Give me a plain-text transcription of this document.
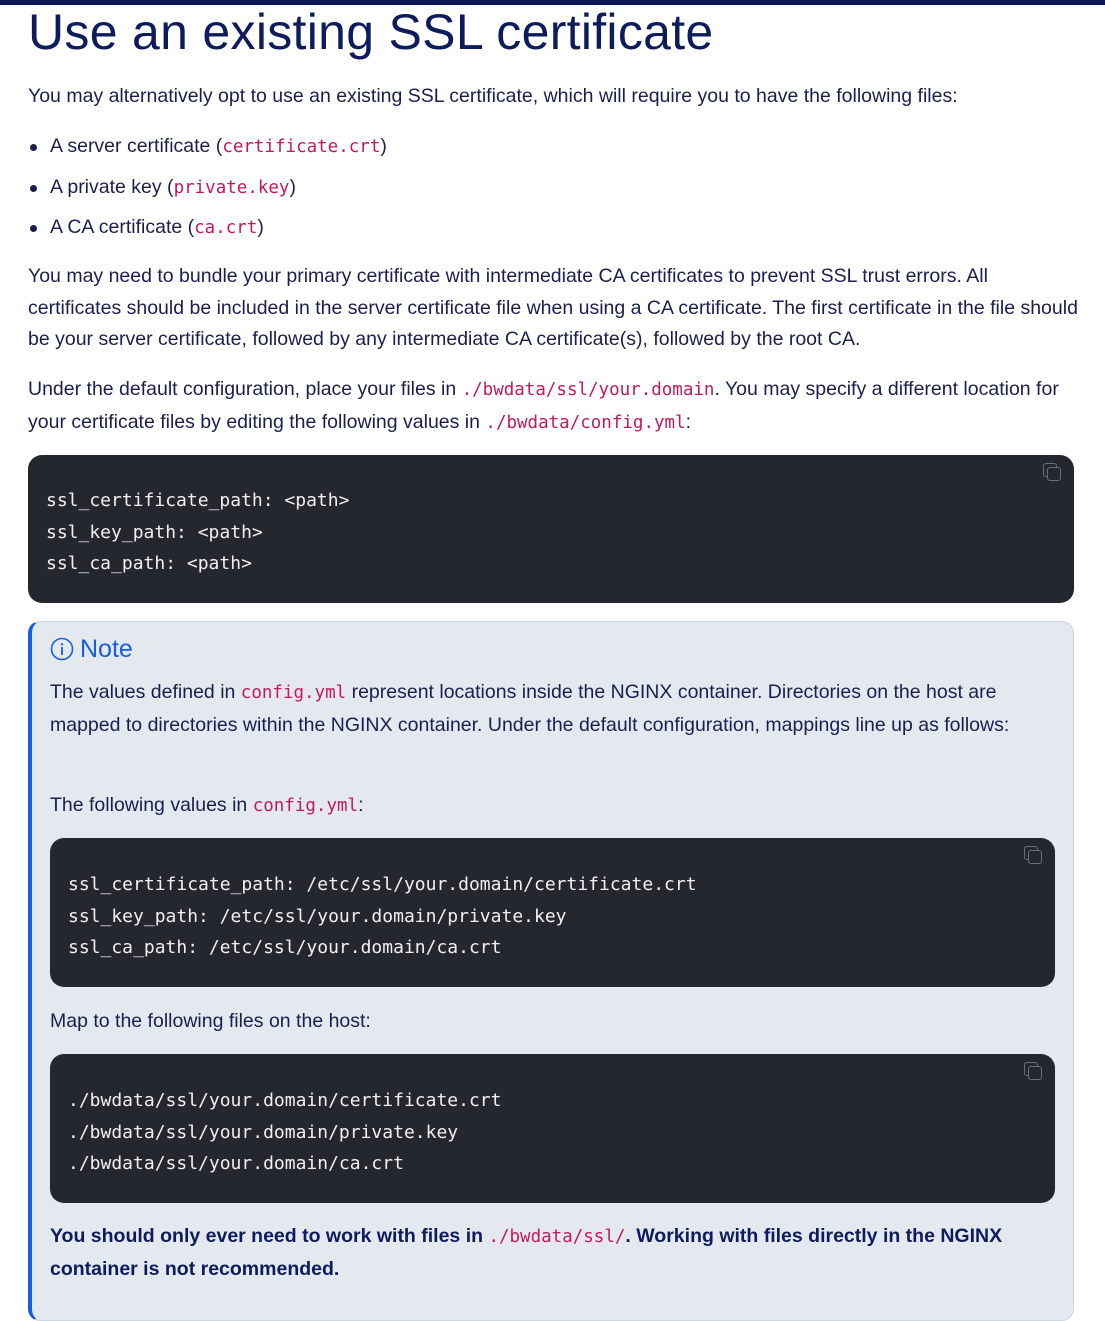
Use an existing SSL certificate

You may alternatively opt to use an existing SSL certificate, which will require you to have the following files:

A server certificate (certificate.crt)
A private key (private.key)
A CA certificate (ca.crt)

You may need to bundle your primary certificate with intermediate CA certificates to prevent SSL trust errors. All certificates should be included in the server certificate file when using a CA certificate. The first certificate in the file should be your server certificate, followed by any intermediate CA certificate(s), followed by the root CA.

Under the default configuration, place your files in ./bwdata/ssl/your.domain. You may specify a different location for your certificate files by editing the following values in ./bwdata/config.yml:

ssl_certificate_path: <path>
ssl_key_path: <path>
ssl_ca_path: <path>
Note

The values defined in config.yml represent locations inside the NGINX container. Directories on the host are mapped to directories within the NGINX container. Under the default configuration, mappings line up as follows:

The following values in config.yml:

ssl_certificate_path: /etc/ssl/your.domain/certificate.crt
ssl_key_path: /etc/ssl/your.domain/private.key
ssl_ca_path: /etc/ssl/your.domain/ca.crt

Map to the following files on the host:

./bwdata/ssl/your.domain/certificate.crt
./bwdata/ssl/your.domain/private.key
./bwdata/ssl/your.domain/ca.crt

You should only ever need to work with files in ./bwdata/ssl/. Working with files directly in the NGINX container is not recommended.
